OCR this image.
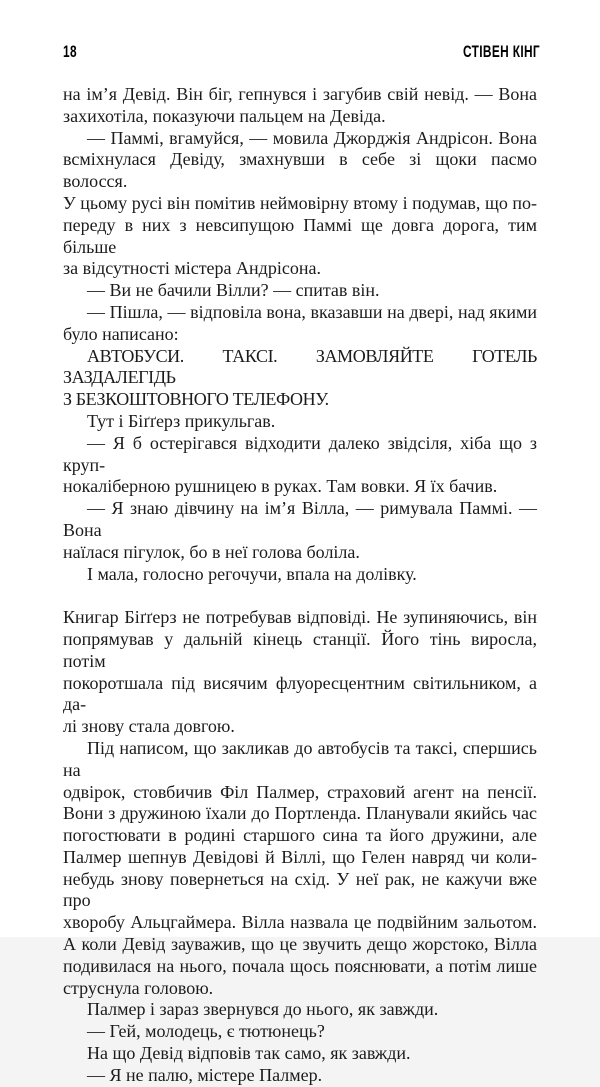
18	СТІВЕН КІНГ
на ім’я Девід. Він біг, гепнувся і загубив свій невід. — Вона
захихотіла, показуючи пальцем на Девіда.
— Паммі, вгамуйся, — мовила Джорджія Андрісон. Вона
всміхнулася Девіду, змахнувши в себе зі щоки пасмо волосся.
У цьому русі він помітив неймовірну втому і подумав, що по-
переду в них з невсипущою Паммі ще довга дорога, тим більше
за відсутності містера Андрісона.
— Ви не бачили Вілли? — спитав він.
— Пішла, — відповіла вона, вказавши на двері, над якими
було написано:
АВТОБУСИ. ТАКСІ. ЗАМОВЛЯЙТЕ ГОТЕЛЬ ЗАЗДАЛЕГІДЬ
З БЕЗКОШТОВНОГО ТЕЛЕФОНУ.
Тут і Біґґерз прикульгав.
— Я б остерігався відходити далеко звідсіля, хіба що з круп-
нокаліберною рушницею в руках. Там вовки. Я їх бачив.
— Я знаю дівчину на ім’я Вілла, — римувала Паммі. — Вона
наїлася пігулок, бо в неї голова боліла.
І мала, голосно регочучи, впала на долівку.
Книгар Біґґерз не потребував відповіді. Не зупиняючись, він
попрямував у дальній кінець станції. Його тінь виросла, потім
покоротшала під висячим флуоресцентним світильником, а да-
лі знову стала довгою.
Під написом, що закликав до автобусів та таксі, спершись на
одвірок, стовбичив Філ Палмер, страховий агент на пенсії.
Вони з дружиною їхали до Портленда. Планували якийсь час
погостювати в родині старшого сина та його дружини, але
Палмер шепнув Девідові й Віллі, що Гелен навряд чи коли-
небудь знову повернеться на схід. У неї рак, не кажучи вже про
хворобу Альцгаймера. Вілла назвала це подвійним зальотом.
А коли Девід зауважив, що це звучить дещо жорстоко, Вілла
подивилася на нього, почала щось пояснювати, а потім лише
струснула головою.
Палмер і зараз звернувся до нього, як завжди.
— Гей, молодець, є тютюнець?
На що Девід відповів так само, як завжди.
— Я не палю, містере Палмер.
